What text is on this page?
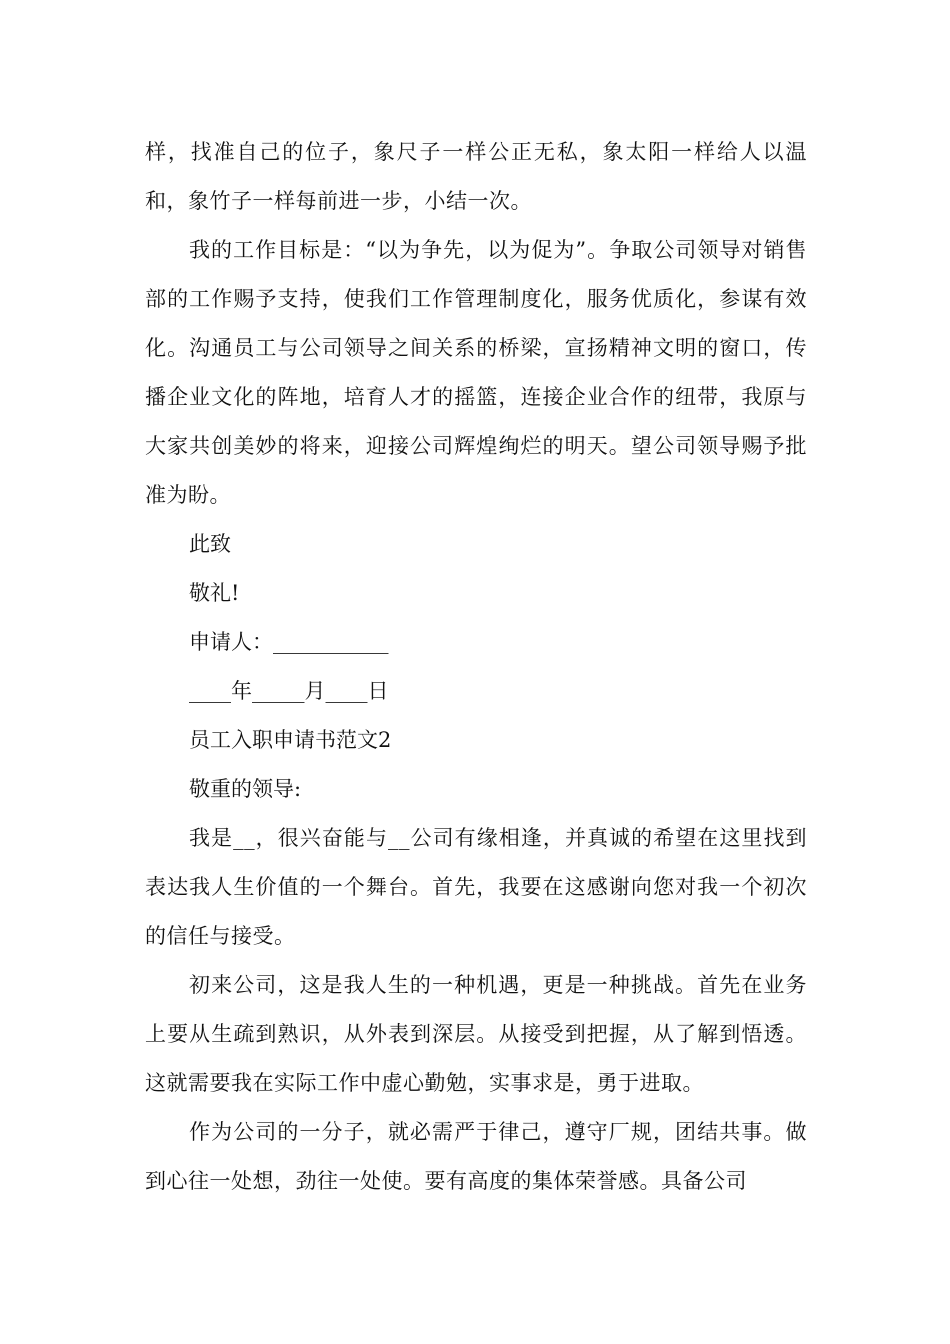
样，找准自己的位子，象尺子一样公正无私，象太阳一样给人以温和，象竹子一样每前进一步，小结一次。

我的工作目标是：“以为争先，以为促为”。争取公司领导对销售部的工作赐予支持，使我们工作管理制度化，服务优质化，参谋有效化。沟通员工与公司领导之间关系的桥梁，宣扬精神文明的窗口，传播企业文化的阵地，培育人才的摇篮，连接企业合作的纽带，我原与大家共创美妙的将来，迎接公司辉煌绚烂的明天。望公司领导赐予批准为盼。

此致

敬礼!

申请人：___________

____年_____月____日

员工入职申请书范文2

敬重的领导:

我是__，很兴奋能与__公司有缘相逢，并真诚的希望在这里找到表达我人生价值的一个舞台。首先，我要在这感谢向您对我一个初次的信任与接受。

初来公司，这是我人生的一种机遇，更是一种挑战。首先在业务上要从生疏到熟识，从外表到深层。从接受到把握，从了解到悟透。这就需要我在实际工作中虚心勤勉，实事求是，勇于进取。

作为公司的一分子，就必需严于律己，遵守厂规，团结共事。做到心往一处想，劲往一处使。要有高度的集体荣誉感。具备公司
